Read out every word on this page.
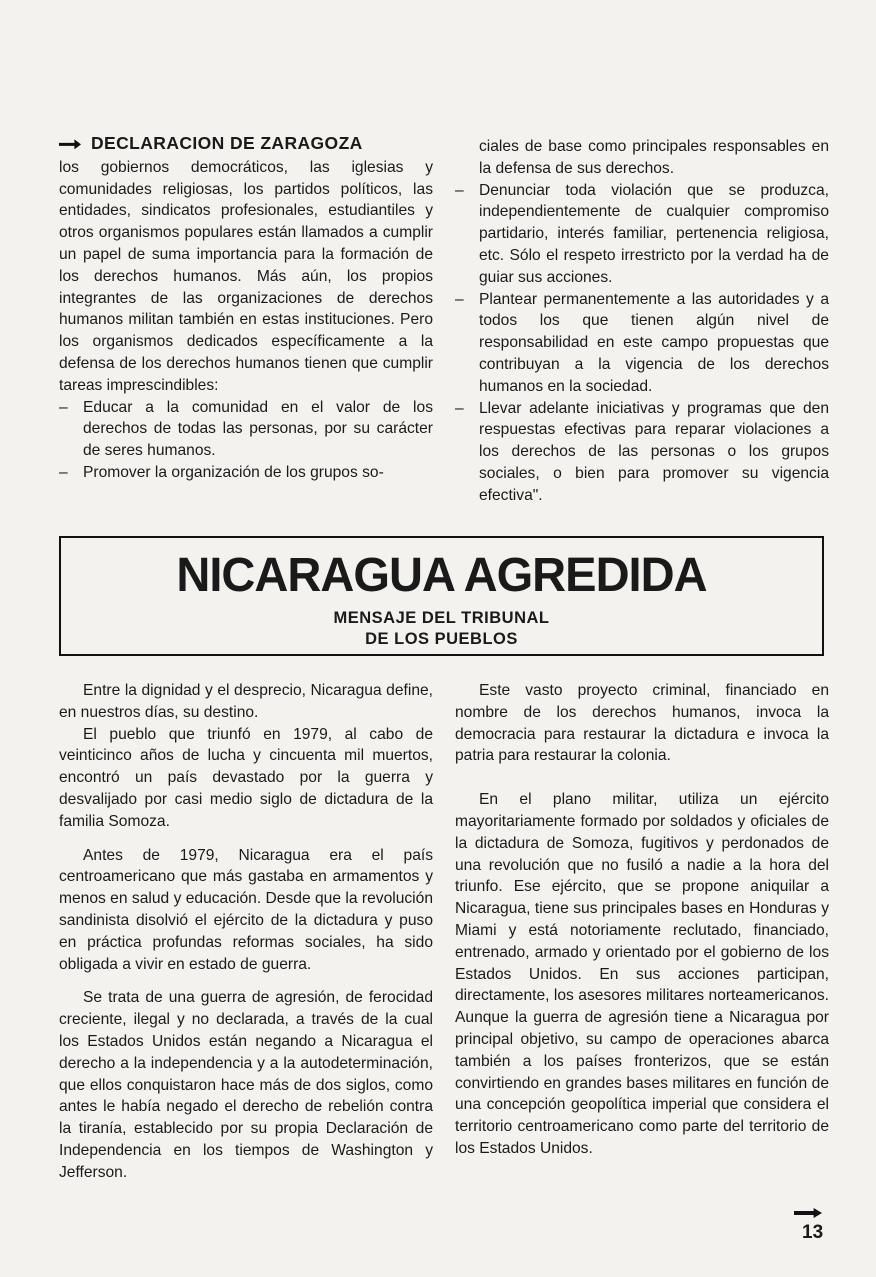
DECLARACION DE ZARAGOZA

los gobiernos democráticos, las iglesias y comunidades religiosas, los partidos políticos, las entidades, sindicatos profesionales, estudiantiles y otros organismos populares están llamados a cumplir un papel de suma importancia para la formación de los derechos humanos. Más aún, los propios integrantes de las organizaciones de derechos humanos militan también en estas instituciones. Pero los organismos dedicados específicamente a la defensa de los derechos humanos tienen que cumplir tareas imprescindibles:

– Educar a la comunidad en el valor de los derechos de todas las personas, por su carácter de seres humanos.
– Promover la organización de los grupos so-

ciales de base como principales responsables en la defensa de sus derechos.

– Denunciar toda violación que se produzca, independientemente de cualquier compromiso partidario, interés familiar, pertenencia religiosa, etc. Sólo el respeto irrestricto por la verdad ha de guiar sus acciones.
– Plantear permanentemente a las autoridades y a todos los que tienen algún nivel de responsabilidad en este campo propuestas que contribuyan a la vigencia de los derechos humanos en la sociedad.
– Llevar adelante iniciativas y programas que den respuestas efectivas para reparar violaciones a los derechos de las personas o los grupos sociales, o bien para promover su vigencia efectiva".
NICARAGUA AGREDIDA
MENSAJE DEL TRIBUNAL
DE LOS PUEBLOS

Entre la dignidad y el desprecio, Nicaragua define, en nuestros días, su destino.

El pueblo que triunfó en 1979, al cabo de veinticinco años de lucha y cincuenta mil muertos, encontró un país devastado por la guerra y desvalijado por casi medio siglo de dictadura de la familia Somoza.

Antes de 1979, Nicaragua era el país centroamericano que más gastaba en armamentos y menos en salud y educación. Desde que la revolución sandinista disolvió el ejército de la dictadura y puso en práctica profundas reformas sociales, ha sido obligada a vivir en estado de guerra.

Se trata de una guerra de agresión, de ferocidad creciente, ilegal y no declarada, a través de la cual los Estados Unidos están negando a Nicaragua el derecho a la independencia y a la autodeterminación, que ellos conquistaron hace más de dos siglos, como antes le había negado el derecho de rebelión contra la tiranía, establecido por su propia Declaración de Independencia en los tiempos de Washington y Jefferson.

Este vasto proyecto criminal, financiado en nombre de los derechos humanos, invoca la democracia para restaurar la dictadura e invoca la patria para restaurar la colonia.

En el plano militar, utiliza un ejército mayoritariamente formado por soldados y oficiales de la dictadura de Somoza, fugitivos y perdonados de una revolución que no fusiló a nadie a la hora del triunfo. Ese ejército, que se propone aniquilar a Nicaragua, tiene sus principales bases en Honduras y Miami y está notoriamente reclutado, financiado, entrenado, armado y orientado por el gobierno de los Estados Unidos. En sus acciones participan, directamente, los asesores militares norteamericanos. Aunque la guerra de agresión tiene a Nicaragua por principal objetivo, su campo de operaciones abarca también a los países fronterizos, que se están convirtiendo en grandes bases militares en función de una concepción geopolítica imperial que considera el territorio centroamericano como parte del territorio de los Estados Unidos.

13
